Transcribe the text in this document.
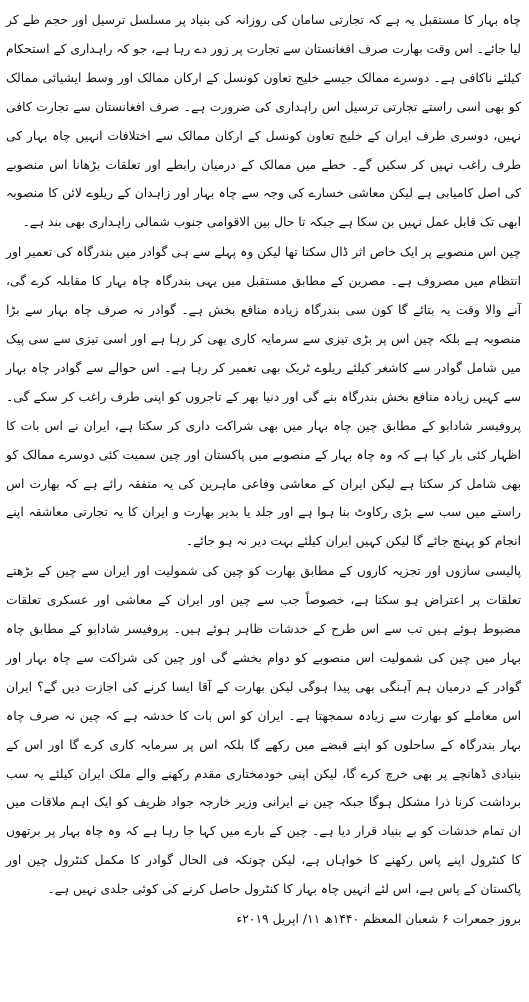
چاہ بہار کا مستقبل یہ ہے کہ تجارتی سامان کی روزانہ کی بنیاد پر مسلسل ترسیل اور حجم طے کر لیا جائے۔ اس وقت بھارت صرف افغانستان سے تجارت پر زور دے رہا ہے، جو کہ راہداری کے استحکام کیلئے ناکافی ہے۔ دوسرے ممالک جیسے خلیج تعاون کونسل کے ارکان ممالک اور وسط ایشیائی ممالک کو بھی اسی راستے تجارتی ترسیل اس راہداری کی ضرورت ہے۔ صرف افغانستان سے تجارت کافی نہیں، دوسری طرف ایران کے خلیج تعاون کونسل کے ارکان ممالک سے اختلافات انہیں چاہ بہار کی طرف راغب نہیں کر سکیں گے۔ خطے میں ممالک کے درمیان رابطے اور تعلقات بڑھانا اس منصوبے کی اصل کامیابی ہے لیکن معاشی خسارے کی وجہ سے چاہ بہار اور زاہدان کے ریلوے لائن کا منصوبہ ابھی تک قابل عمل نہیں بن سکا ہے جبکہ تا حال بین الاقوامی جنوب شمالی راہداری بھی بند ہے۔

چین اس منصوبے پر ایک خاص اثر ڈال سکتا تھا لیکن وہ پہلے سے ہی گوادر میں بندرگاہ کی تعمیر اور انتظام میں مصروف ہے۔ مصرین کے مطابق مستقبل میں یہی بندرگاہ چاہ بہار کا مقابلہ کرے گی، آنے والا وقت یہ بتائے گا کون سی بندرگاہ زیادہ منافع بخش ہے۔ گوادر نہ صرف چاہ بہار سے بڑا منصوبہ ہے بلکہ چین اس پر بڑی تیزی سے سرمایہ کاری بھی کر رہا ہے اور اسی تیزی سے سی پیک میں شامل گوادر سے کاشغر کیلئے ریلوے ٹریک بھی تعمیر کر رہا ہے۔ اس حوالے سے گوادر چاہ بہار سے کہیں زیادہ منافع بخش بندرگاہ بنے گی اور دنیا بھر کے تاجروں کو اپنی طرف راغب کر سکے گی۔ پروفیسر شادابو کے مطابق چین چاہ بہار میں بھی شراکت داری کر سکتا ہے، ایران نے اس بات کا اظہار کئی بار کیا ہے کہ وہ چاہ بہار کے منصوبے میں پاکستان اور چین سمیت کئی دوسرے ممالک کو بھی شامل کر سکتا ہے لیکن ایران کے معاشی وفاعی ماہرین کی یہ متفقہ رائے ہے کہ بھارت اس راستے میں سب سے بڑی رکاوٹ بنا ہوا ہے اور جلد یا بدیر بھارت و ایران کا یہ تجارتی معاشقہ اپنے انجام کو پہنچ جائے گا لیکن کہیں ایران کیلئے بہت دیر نہ ہو جائے۔

پالیسی سازوں اور تجزیہ کاروں کے مطابق بھارت کو چین کی شمولیت اور ایران سے چین کے بڑھتے تعلقات پر اعتراض ہو سکتا ہے، خصوصاً جب سے چین اور ایران کے معاشی اور عسکری تعلقات مضبوط ہوئے ہیں تب سے اس طرح کے خدشات ظاہر ہوئے ہیں۔ پروفیسر شادابو کے مطابق چاہ بہار میں چین کی شمولیت اس منصوبے کو دوام بخشے گی اور چین کی شراکت سے چاہ بہار اور گوادر کے درمیان ہم آہنگی بھی پیدا ہوگی لیکن بھارت کے آقا ایسا کرنے کی اجازت دیں گے؟ ایران اس معاملے کو بھارت سے زیادہ سمجھتا ہے۔ ایران کو اس بات کا خدشہ ہے کہ چین نہ صرف چاہ بہار بندرگاہ کے ساحلوں کو اپنے قبضے میں رکھے گا بلکہ اس پر سرمایہ کاری کرے گا اور اس کے بنیادی ڈھانچے پر بھی خرچ کرے گا، لیکن اپنی خودمختاری مقدم رکھنے والے ملک ایران کیلئے یہ سب برداشت کرنا ذرا مشکل ہوگا جبکہ چین نے ایرانی وزیر خارجہ جواد ظریف کو ایک اہم ملاقات میں ان تمام خدشات کو بے بنیاد قرار دیا ہے۔ چین کے بارے میں کہا جا رہا ہے کہ وہ چاہ بہار پر برتھوں کا کنٹرول اپنے پاس رکھنے کا خواہاں ہے، لیکن چونکہ فی الحال گوادر کا مکمل کنٹرول چین اور پاکستان کے پاس ہے، اس لئے انہیں چاہ بہار کا کنٹرول حاصل کرنے کی کوئی جلدی نہیں ہے۔

بروز جمعرات ۶ شعبان المعظم ۱۴۴۰ھ ۱۱/ اپریل ۲۰۱۹ء
